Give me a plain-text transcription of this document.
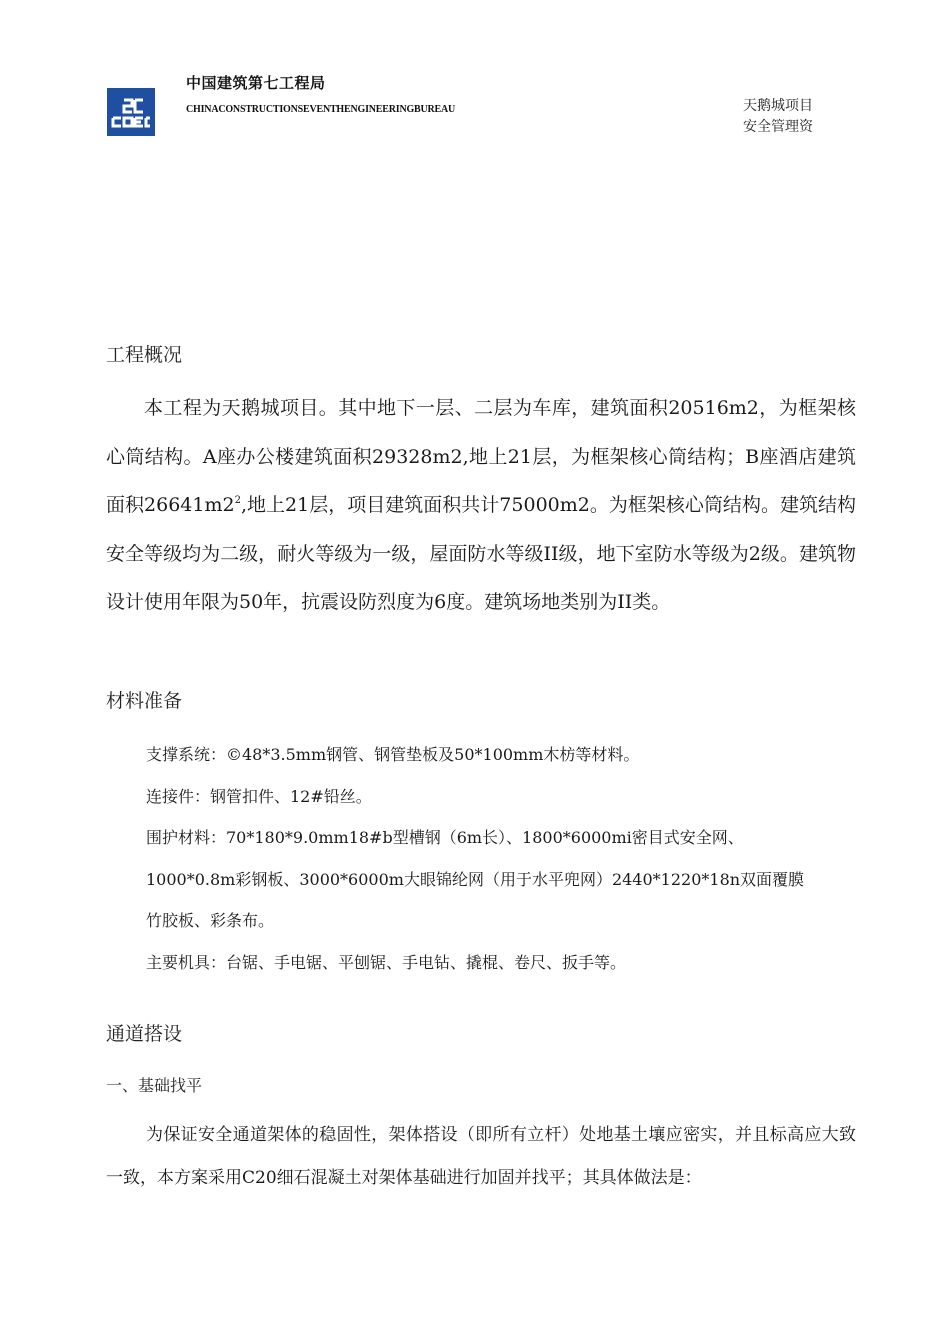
中国建筑第七工程局
CHINACONSTRUCTIONSEVENTHENGINEERINGBUREAU	天鹅城项目
安全管理资
工程概况
本工程为天鹅城项目。其中地下一层、二层为车库，建筑面积20516m2，为框架核心筒结构。A座办公楼建筑面积29328m2,地上21层，为框架核心筒结构；B座酒店建筑面积$26641m2^2$,地上21层，项目建筑面积共计75000m2。为框架核心筒结构。建筑结构安全等级均为二级，耐火等级为一级，屋面防水等级II级，地下室防水等级为2级。建筑物设计使用年限为50年，抗震设防烈度为6度。建筑场地类别为II类。
材料准备
支撑系统：©48*3.5mm钢管、钢管垫板及50*100mm木枋等材料。
连接件：钢管扣件、12#铅丝。
围护材料：70*180*9.0mm18#b型槽钢（6m长）、1800*6000mi密目式安全网、
1000*0.8m彩钢板、3000*6000m大眼锦纶网（用于水平兜网）2440*1220*18n双面覆膜
竹胶板、彩条布。
主要机具：台锯、手电锯、平刨锯、手电钻、撬棍、卷尺、扳手等。
通道搭设
一、基础找平
为保证安全通道架体的稳固性，架体搭设（即所有立杆）处地基土壤应密实，并且标高应大致一致，本方案采用C20细石混凝土对架体基础进行加固并找平；其具体做法是：
